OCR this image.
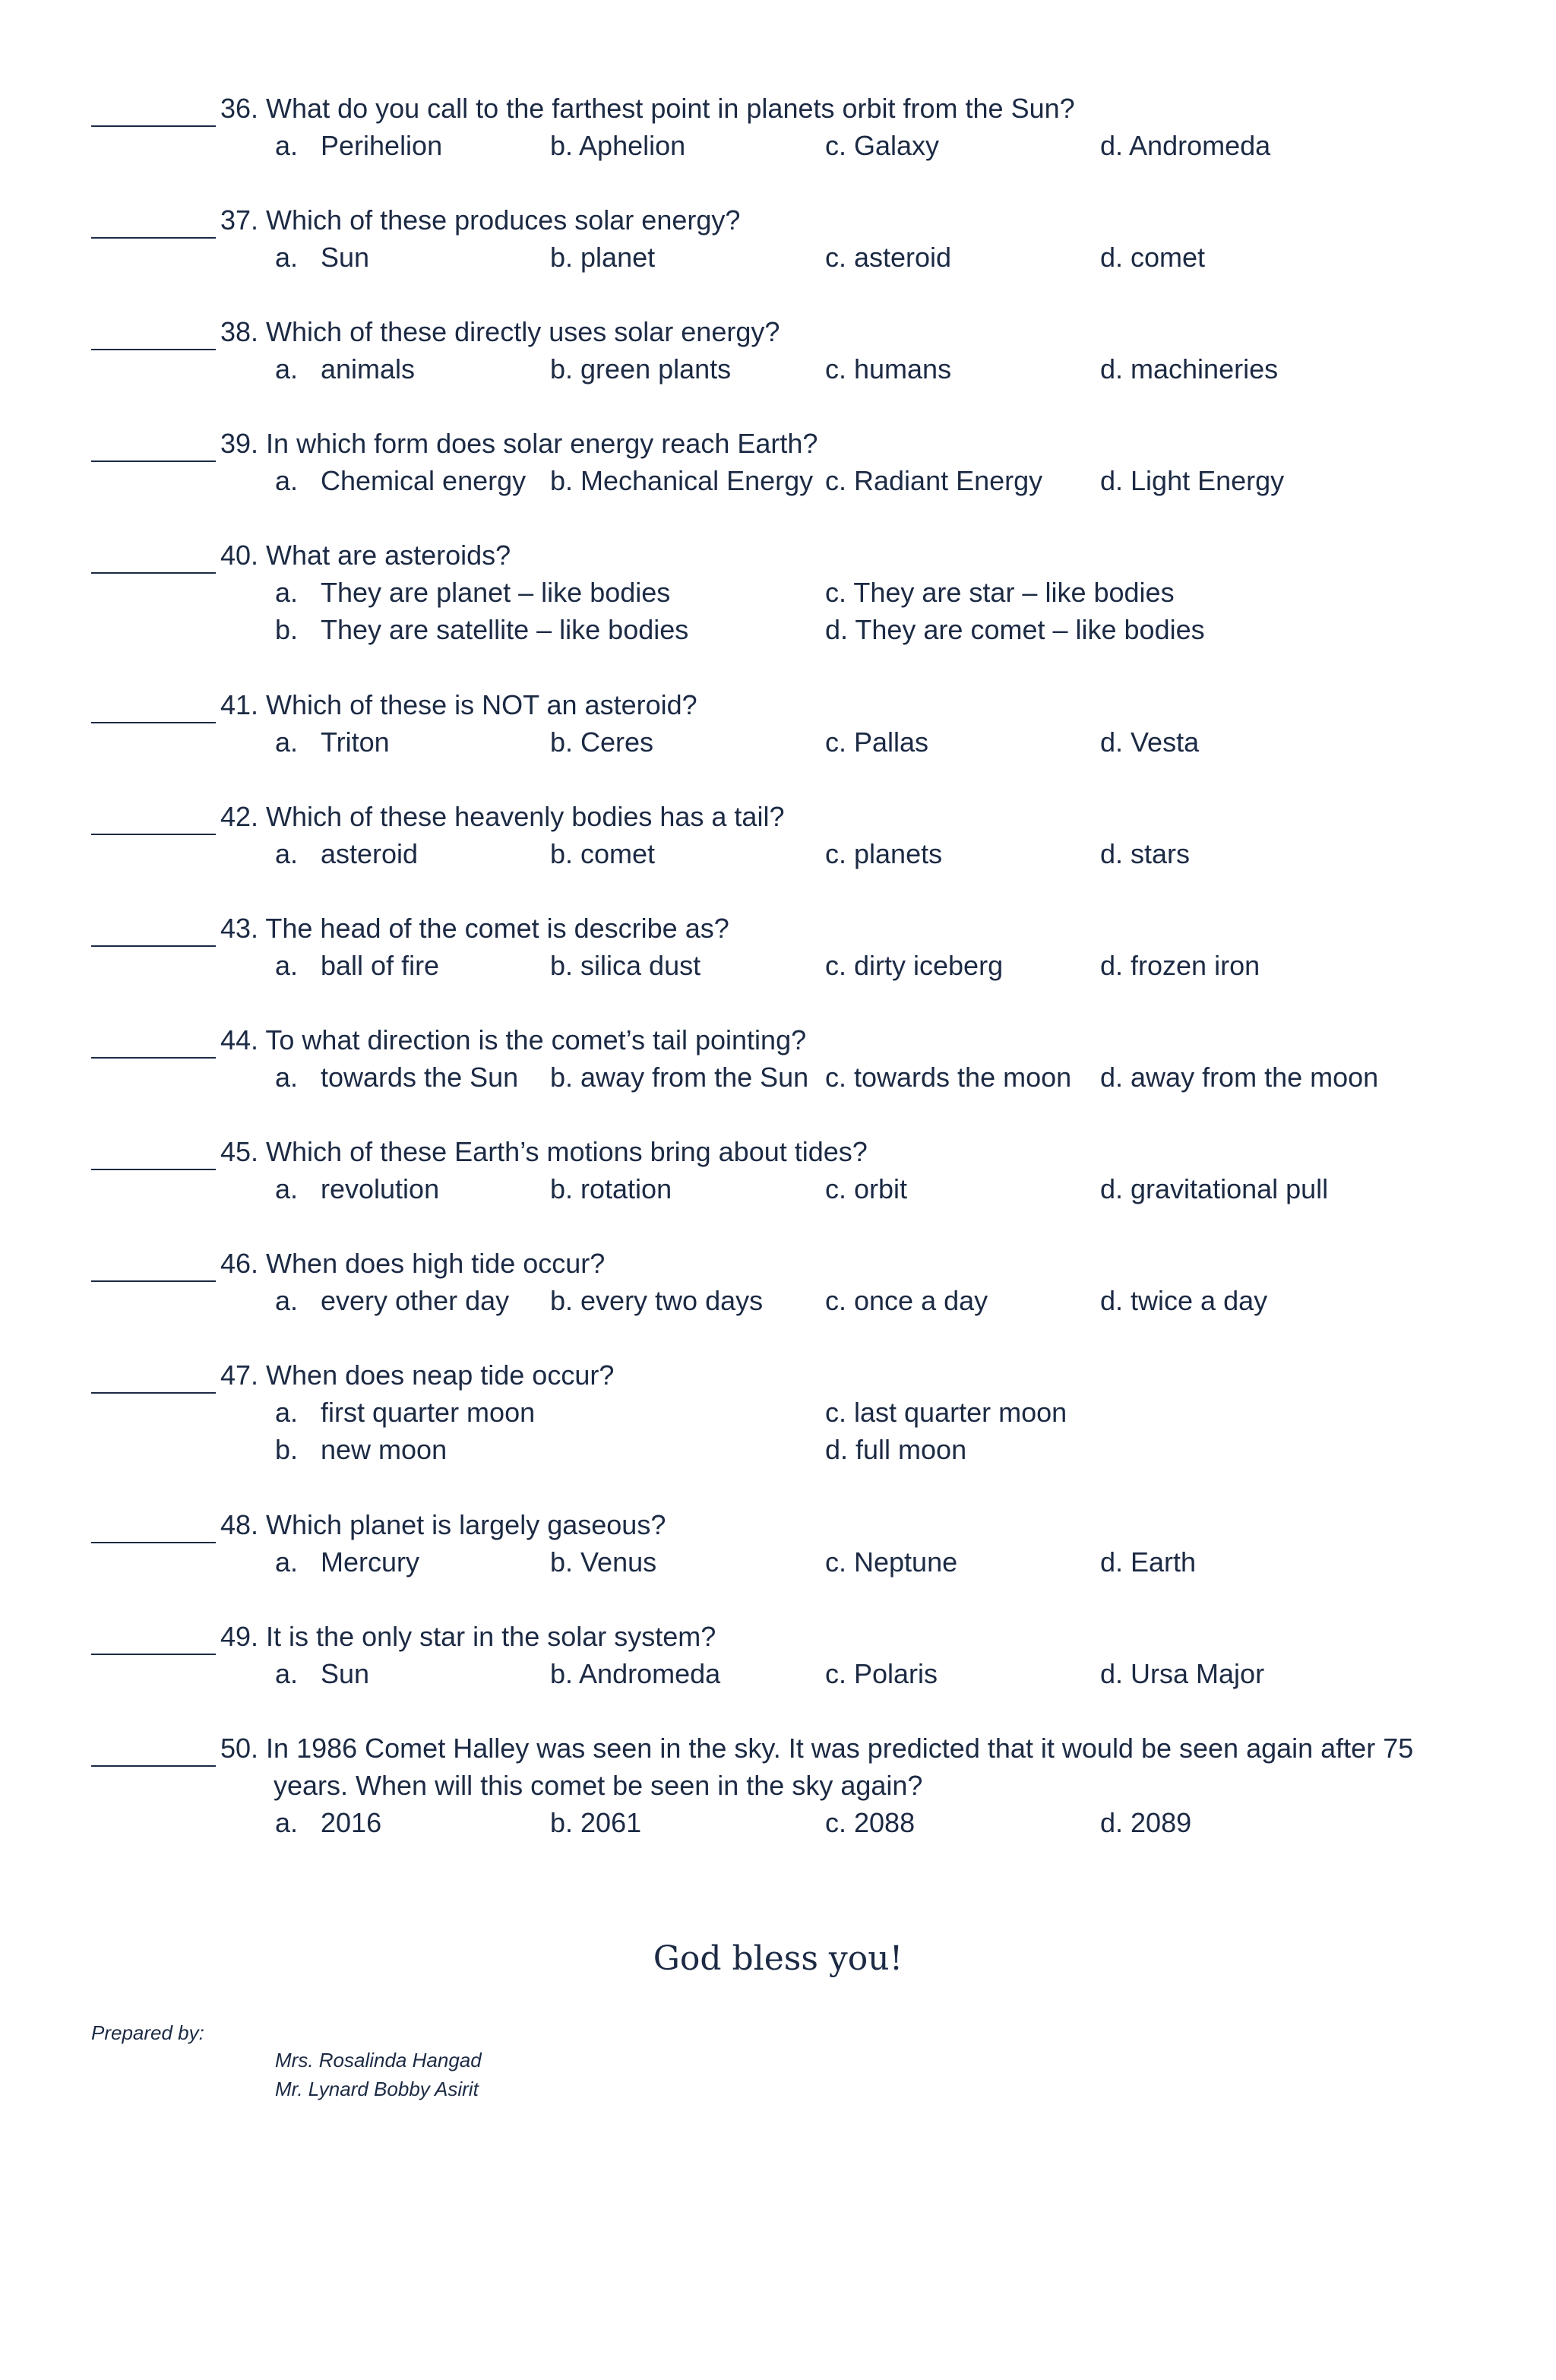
36. What do you call to the farthest point in planets orbit from the Sun?
a. Perihelion	b. Aphelion	c. Galaxy	d. Andromeda
37. Which of these produces solar energy?
a. Sun	b. planet	c. asteroid	d. comet
38. Which of these directly uses solar energy?
a. animals	b. green plants	c. humans	d. machineries
39. In which form does solar energy reach Earth?
a. Chemical energy b. Mechanical Energy c. Radiant Energy d. Light Energy
40. What are asteroids?
a. They are planet – like bodies	c. They are star – like bodies
b. They are satellite – like bodies	d. They are comet – like bodies
41. Which of these is NOT an asteroid?
a. Triton	b. Ceres	c. Pallas	d. Vesta
42. Which of these heavenly bodies has a tail?
a. asteroid	b. comet	c. planets	d. stars
43. The head of the comet is describe as?
a. ball of fire	b. silica dust	c. dirty iceberg	d. frozen iron
44. To what direction is the comet’s tail pointing?
a. towards the Sun b. away from the Sun c. towards the moon d. away from the moon
45. Which of these Earth’s motions bring about tides?
a. revolution	b. rotation	c. orbit	d. gravitational pull
46. When does high tide occur?
a. every other day b. every two days c. once a day	d. twice a day
47. When does neap tide occur?
a. first quarter moon	c. last quarter moon
b. new moon	d. full moon
48. Which planet is largely gaseous?
a. Mercury	b. Venus	c. Neptune	d. Earth
49. It is the only star in the solar system?
a. Sun	b. Andromeda	c. Polaris	d. Ursa Major
50. In 1986 Comet Halley was seen in the sky. It was predicted that it would be seen again after 75
years. When will this comet be seen in the sky again?
a. 2016	b. 2061	c. 2088	d. 2089
God bless you!
Prepared by:
Mrs. Rosalinda Hangad
Mr. Lynard Bobby Asirit
